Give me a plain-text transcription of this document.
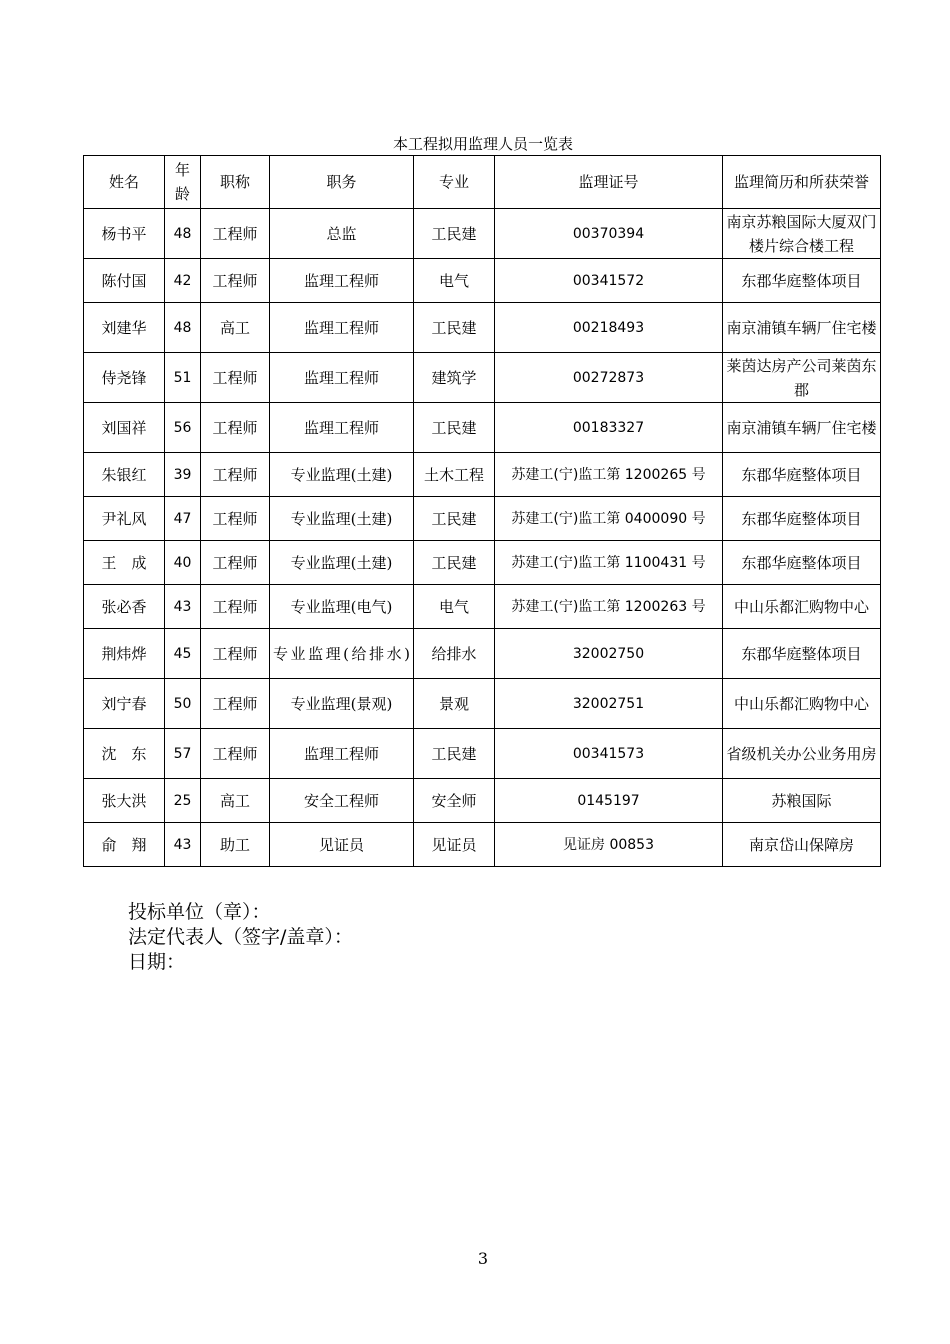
本工程拟用监理人员一览表
姓名	年龄	职称	职务	专业	监理证号	监理简历和所获荣誉
杨书平	48	工程师	总监	工民建	00370394	南京苏粮国际大厦双门楼片综合楼工程
陈付国	42	工程师	监理工程师	电气	00341572	东郡华庭整体项目
刘建华	48	高工	监理工程师	工民建	00218493	南京浦镇车辆厂住宅楼
侍尧锋	51	工程师	监理工程师	建筑学	00272873	莱茵达房产公司莱茵东郡
刘国祥	56	工程师	监理工程师	工民建	00183327	南京浦镇车辆厂住宅楼
朱银红	39	工程师	专业监理(土建)	土木工程	苏建工(宁)监工第 1200265 号	东郡华庭整体项目
尹礼风	47	工程师	专业监理(土建)	工民建	苏建工(宁)监工第 0400090 号	东郡华庭整体项目
王　成	40	工程师	专业监理(土建)	工民建	苏建工(宁)监工第 1100431 号	东郡华庭整体项目
张必香	43	工程师	专业监理(电气)	电气	苏建工(宁)监工第 1200263 号	中山乐都汇购物中心
荆炜烨	45	工程师	专业监理(给排水)	给排水	32002750	东郡华庭整体项目
刘宁春	50	工程师	专业监理(景观)	景观	32002751	中山乐都汇购物中心
沈　东	57	工程师	监理工程师	工民建	00341573	省级机关办公业务用房
张大洪	25	高工	安全工程师	安全师	0145197	苏粮国际
俞　翔	43	助工	见证员	见证员	见证房 00853	南京岱山保障房
投标单位（章）：
法定代表人（签字/盖章）：
日期：
3
